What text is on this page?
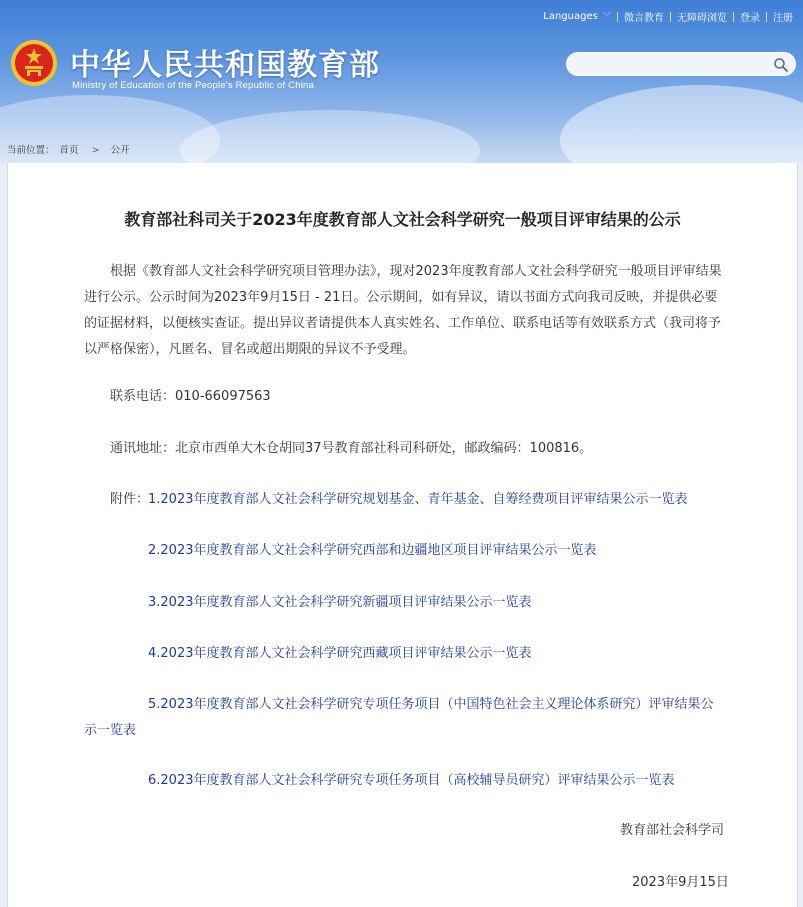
Languages ﹀	微言教育	无障碍浏览	登录	注册
中华人民共和国教育部
Ministry of Education of the People's Republic of China
当前位置： 首页 > 公开
教育部社科司关于2023年度教育部人文社会科学研究一般项目评审结果的公示
根据《教育部人文社会科学研究项目管理办法》，现对2023年度教育部人文社会科学研究一般项目评审结果进行公示。公示时间为2023年9月15日 - 21日。公示期间，如有异议，请以书面方式向我司反映，并提供必要的证据材料，以便核实查证。提出异议者请提供本人真实姓名、工作单位、联系电话等有效联系方式（我司将予以严格保密），凡匿名、冒名或超出期限的异议不予受理。
联系电话：010-66097563
通讯地址：北京市西单大木仓胡同37号教育部社科司科研处，邮政编码：100816。
附件：
1.2023年度教育部人文社会科学研究规划基金、青年基金、自筹经费项目评审结果公示一览表
2.2023年度教育部人文社会科学研究西部和边疆地区项目评审结果公示一览表
3.2023年度教育部人文社会科学研究新疆项目评审结果公示一览表
4.2023年度教育部人文社会科学研究西藏项目评审结果公示一览表
5.2023年度教育部人文社会科学研究专项任务项目（中国特色社会主义理论体系研究）评审结果公示一览表
6.2023年度教育部人文社会科学研究专项任务项目（高校辅导员研究）评审结果公示一览表
教育部社会科学司
2023年9月15日
